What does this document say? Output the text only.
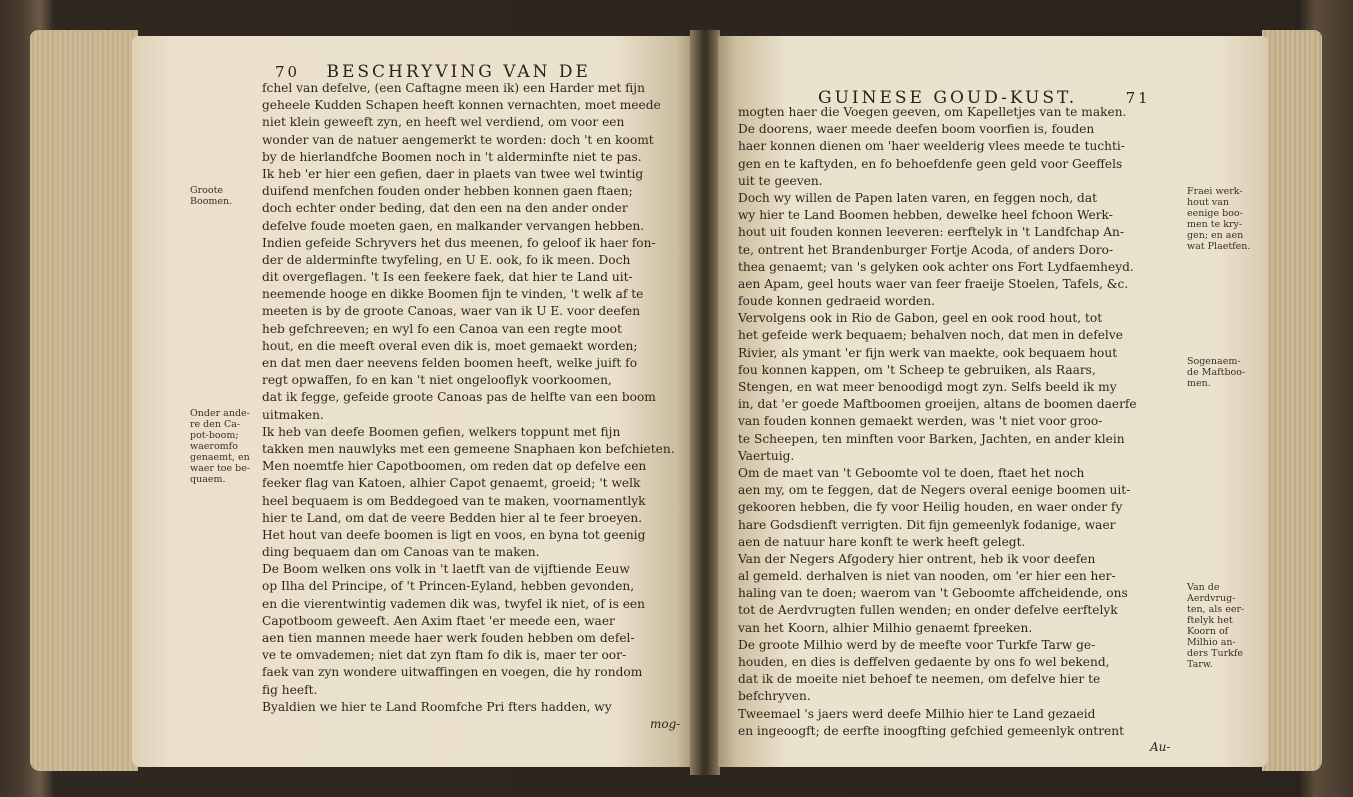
70 BESCHRYVING VAN DE
fchel van defelve, (een Caftagne meen ik) een Harder met fijn
geheele Kudden Schapen heeft konnen vernachten, moet meede
niet klein geweeft zyn, en heeft wel verdiend, om voor een
wonder van de natuer aengemerkt te worden: doch 't en koomt
by de hierlandfche Boomen noch in 't alderminfte niet te pas.
Ik heb 'er hier een gefien, daer in plaets van twee wel twintig
duifend menfchen fouden onder hebben konnen gaen ftaen;
doch echter onder beding, dat den een na den ander onder
defelve foude moeten gaen, en malkander vervangen hebben.
Indien gefeide Schryvers het dus meenen, fo geloof ik haer fon-
der de alderminfte twyfeling, en U E. ook, fo ik meen. Doch
dit overgeflagen. 't Is een feekere faek, dat hier te Land uit-
neemende hooge en dikke Boomen fijn te vinden, 't welk af te
meeten is by de groote Canoas, waer van ik U E. voor deefen
heb gefchreeven; en wyl fo een Canoa van een regte moot
hout, en die meeft overal even dik is, moet gemaekt worden;
en dat men daer neevens felden boomen heeft, welke juift fo
regt opwaffen, fo en kan 't niet ongelooflyk voorkoomen,
dat ik fegge, gefeide groote Canoas pas de helfte van een boom
uitmaken.
Ik heb van deefe Boomen gefien, welkers toppunt met fijn
takken men nauwlyks met een gemeene Snaphaen kon befchieten.
Men noemtfe hier Capotboomen, om reden dat op defelve een
feeker flag van Katoen, alhier Capot genaemt, groeid; 't welk
heel bequaem is om Beddegoed van te maken, voornamentlyk
hier te Land, om dat de veere Bedden hier al te feer broeyen.
Het hout van deefe boomen is ligt en voos, en byna tot geenig
ding bequaem dan om Canoas van te maken.
De Boom welken ons volk in 't laetft van de vijftiende Eeuw
op Ilha del Principe, of 't Princen-Eyland, hebben gevonden,
en die vierentwintig vademen dik was, twyfel ik niet, of is een
Capotboom geweeft. Aen Axim ftaet 'er meede een, waer
aen tien mannen meede haer werk fouden hebben om defel-
ve te omvademen; niet dat zyn ftam fo dik is, maer ter oor-
faek van zyn wondere uitwaffingen en voegen, die hy rondom
fig heeft.
Byaldien we hier te Land Roomfche Pri fters hadden, wy
mog-
Groote
Boomen.
Onder ande-
re den Ca-
pot-boom;
waeromfo
genaemt, en
waer toe be-
quaem.
GUINESE GOUD-KUST.	71
mogten haer die Voegen geeven, om Kapelletjes van te maken.
De doorens, waer meede deefen boom voorfien is, fouden
haer konnen dienen om 'haer weelderig vlees meede te tuchti-
gen en te kaftyden, en fo behoefdenfe geen geld voor Geeffels
uit te geeven.
Doch wy willen de Papen laten varen, en feggen noch, dat
wy hier te Land Boomen hebben, dewelke heel fchoon Werk-
hout uit fouden konnen leeveren: eerftelyk in 't Landfchap An-
te, ontrent het Brandenburger Fortje Acoda, of anders Doro-
thea genaemt; van 's gelyken ook achter ons Fort Lydfaemheyd.
aen Apam, geel houts waer van feer fraeije Stoelen, Tafels, &c.
foude konnen gedraeid worden.
Vervolgens ook in Rio de Gabon, geel en ook rood hout, tot
het gefeide werk bequaem; behalven noch, dat men in defelve
Rivier, als ymant 'er fijn werk van maekte, ook bequaem hout
fou konnen kappen, om 't Scheep te gebruiken, als Raars,
Stengen, en wat meer benoodigd mogt zyn. Selfs beeld ik my
in, dat 'er goede Maftboomen groeijen, altans de boomen daerfe
van fouden konnen gemaekt werden, was 't niet voor groo-
te Scheepen, ten minften voor Barken, Jachten, en ander klein
Vaertuig.
Om de maet van 't Geboomte vol te doen, ftaet het noch
aen my, om te feggen, dat de Negers overal eenige boomen uit-
gekooren hebben, die fy voor Heilig houden, en waer onder fy
hare Godsdienft verrigten. Dit fijn gemeenlyk fodanige, waer
aen de natuur hare konft te werk heeft gelegt.
Van der Negers Afgodery hier ontrent, heb ik voor deefen
al gemeld. derhalven is niet van nooden, om 'er hier een her-
haling van te doen; waerom van 't Geboomte affcheidende, ons
tot de Aerdvrugten fullen wenden; en onder defelve eerftelyk
van het Koorn, alhier Milhio genaemt fpreeken.
De groote Milhio werd by de meefte voor Turkfe Tarw ge-
houden, en dies is deffelven gedaente by ons fo wel bekend,
dat ik de moeite niet behoef te neemen, om defelve hier te
befchryven.
Tweemael 's jaers werd deefe Milhio hier te Land gezaeid
en ingeoogft; de eerfte inoogfting gefchied gemeenlyk ontrent
Au-
Fraei werk-
hout van
eenige boo-
men te kry-
gen; en aen
wat Plaetfen.
Sogenaem-
de Maftboo-
men.
Van de
Aerdvrug-
ten, als eer-
ftelyk het
Koorn of
Milhio an-
ders Turkfe
Tarw.
